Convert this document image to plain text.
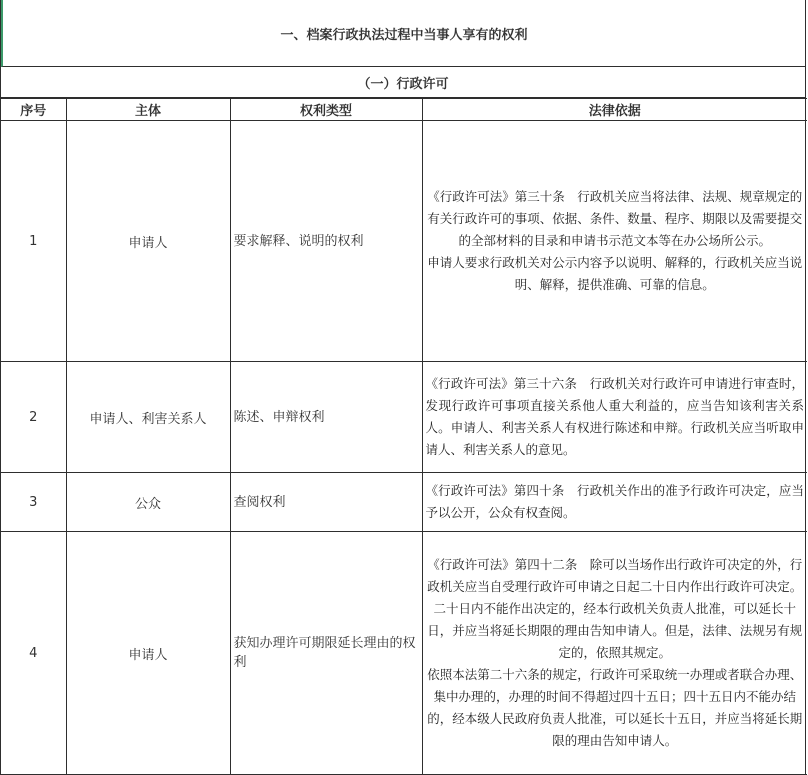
一、档案行政执法过程中当事人享有的权利
（一）行政许可
序号	主体	权利类型	法律依据
1	申请人	要求解释、说明的权利	《行政许可法》第三十条　行政机关应当将法律、法规、规章规定的有关行政许可的事项、依据、条件、数量、程序、期限以及需要提交的全部材料的目录和申请书示范文本等在办公场所公示。

申请人要求行政机关对公示内容予以说明、解释的，行政机关应当说明、解释，提供准确、可靠的信息。

2	申请人、利害关系人	陈述、申辩权利	《行政许可法》第三十六条　行政机关对行政许可申请进行审查时，发现行政许可事项直接关系他人重大利益的，应当告知该利害关系人。申请人、利害关系人有权进行陈述和申辩。行政机关应当听取申请人、利害关系人的意见。

3	公众	查阅权利	《行政许可法》第四十条　行政机关作出的准予行政许可决定，应当予以公开，公众有权查阅。

4	申请人	获知办理许可期限延长理由的权利	《行政许可法》第四十二条　除可以当场作出行政许可决定的外，行政机关应当自受理行政许可申请之日起二十日内作出行政许可决定。二十日内不能作出决定的，经本行政机关负责人批准，可以延长十日，并应当将延长期限的理由告知申请人。但是，法律、法规另有规定的，依照其规定。

依照本法第二十六条的规定，行政许可采取统一办理或者联合办理、集中办理的，办理的时间不得超过四十五日；四十五日内不能办结的，经本级人民政府负责人批准，可以延长十五日，并应当将延长期限的理由告知申请人。
